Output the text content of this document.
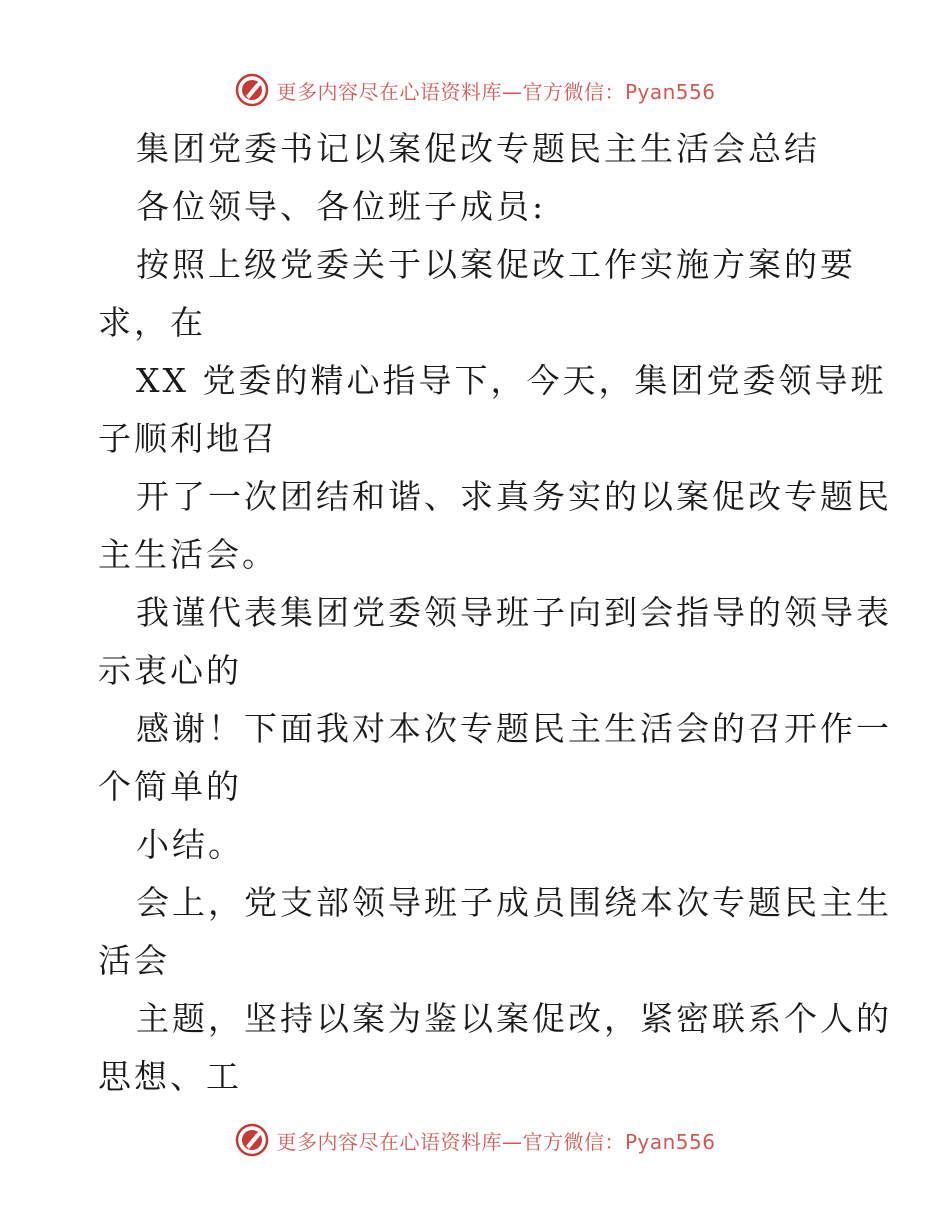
更多内容尽在心语资料库—官方微信：Pyan556
集团党委书记以案促改专题民主生活会总结
各位领导、各位班子成员:
按照上级党委关于以案促改工作实施方案的要
求，在
XX 党委的精心指导下，今天，集团党委领导班
子顺利地召
开了一次团结和谐、求真务实的以案促改专题民
主生活会。
我谨代表集团党委领导班子向到会指导的领导表
示衷心的
感谢！下面我对本次专题民主生活会的召开作一
个简单的
小结。
会上，党支部领导班子成员围绕本次专题民主生
活会
主题，坚持以案为鉴以案促改，紧密联系个人的
思想、工
更多内容尽在心语资料库—官方微信：Pyan556
